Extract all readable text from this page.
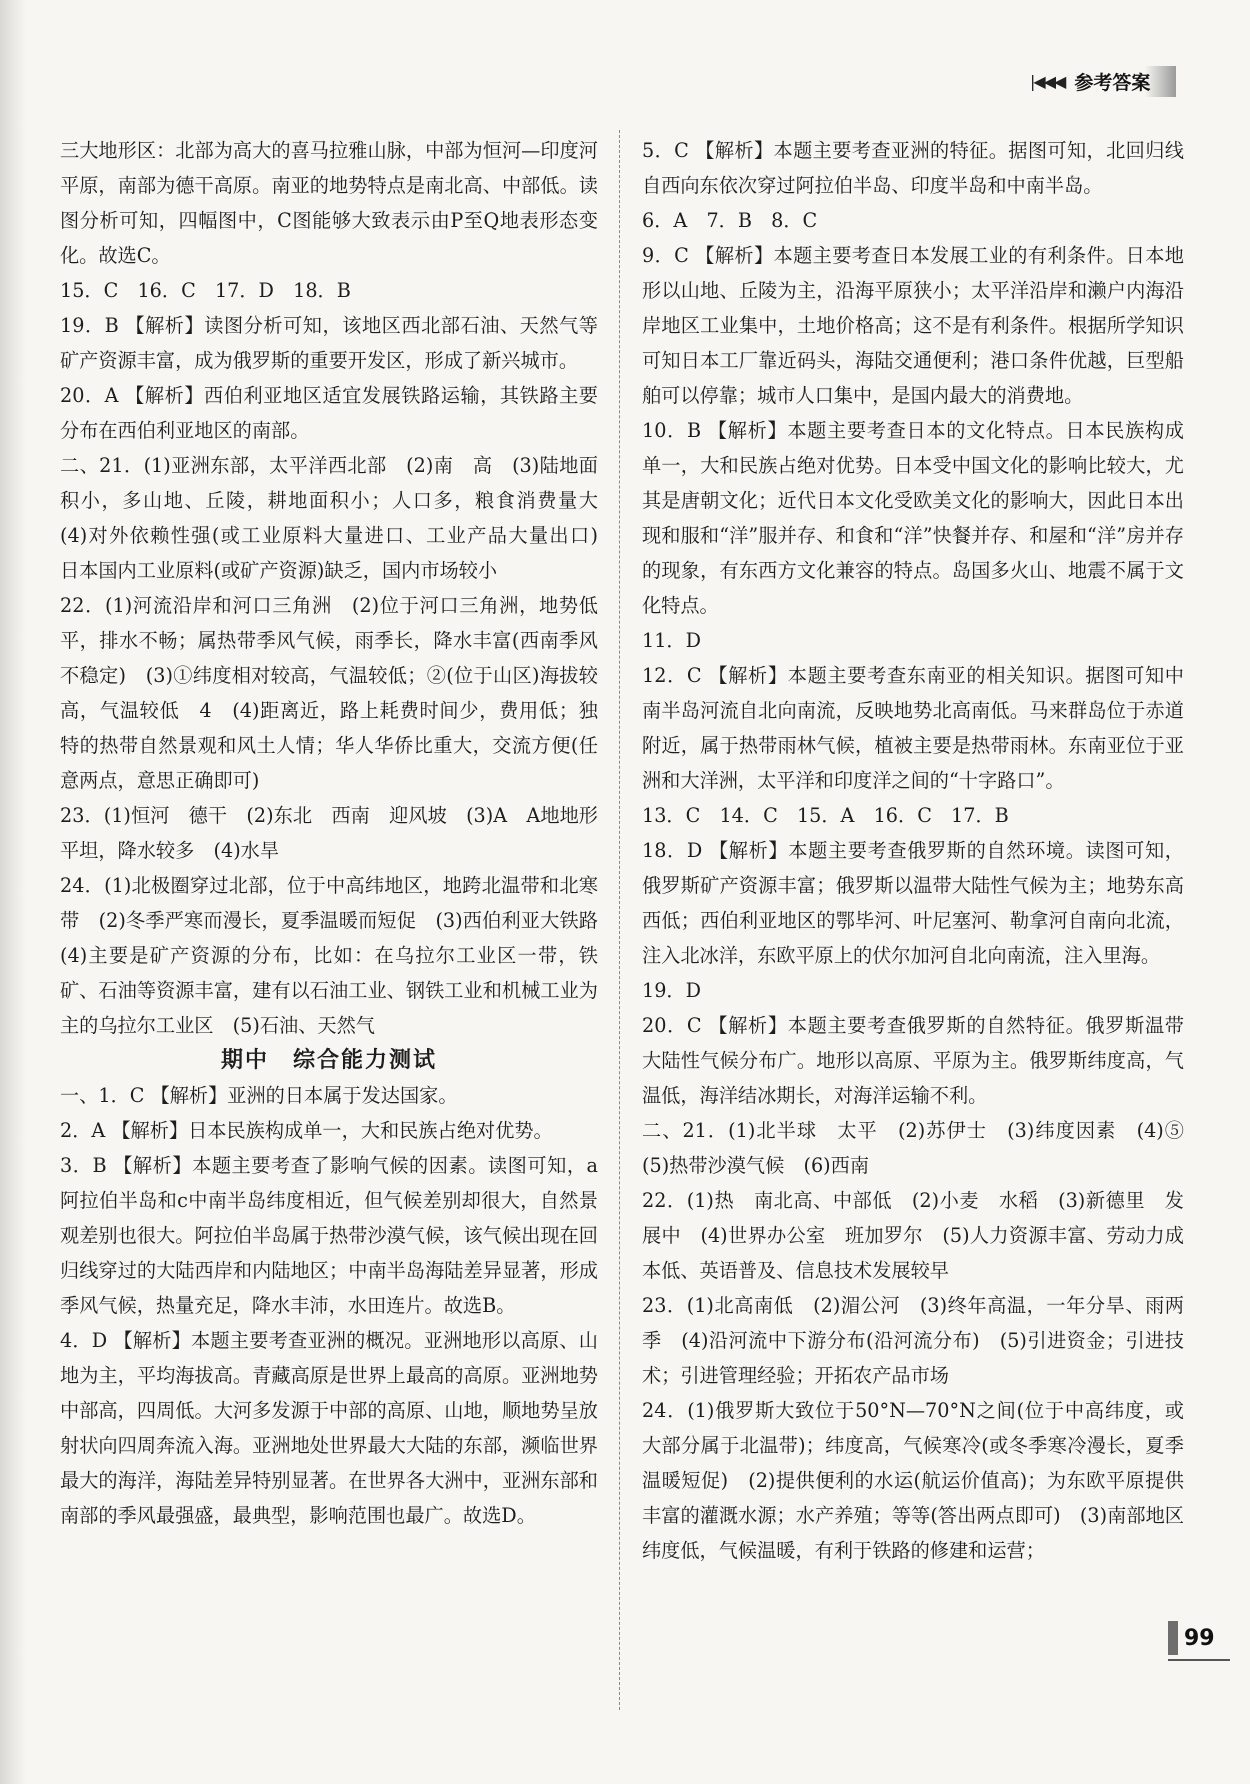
|◀◀◀ 参考答案

三大地形区：北部为高大的喜马拉雅山脉，中部为恒河—印度河平原，南部为德干高原。南亚的地势特点是南北高、中部低。读图分析可知，四幅图中，C图能够大致表示由P至Q地表形态变化。故选C。

15．C　16．C　17．D　18．B

19．B 【解析】读图分析可知，该地区西北部石油、天然气等矿产资源丰富，成为俄罗斯的重要开发区，形成了新兴城市。

20．A 【解析】西伯利亚地区适宜发展铁路运输，其铁路主要分布在西伯利亚地区的南部。

二、21．(1)亚洲东部，太平洋西北部　(2)南　高　(3)陆地面积小，多山地、丘陵，耕地面积小；人口多，粮食消费量大　(4)对外依赖性强(或工业原料大量进口、工业产品大量出口)　日本国内工业原料(或矿产资源)缺乏，国内市场较小

22．(1)河流沿岸和河口三角洲　(2)位于河口三角洲，地势低平，排水不畅；属热带季风气候，雨季长，降水丰富(西南季风不稳定)　(3)①纬度相对较高，气温较低；②(位于山区)海拔较高，气温较低　4　(4)距离近，路上耗费时间少，费用低；独特的热带自然景观和风土人情；华人华侨比重大，交流方便(任意两点，意思正确即可)

23．(1)恒河　德干　(2)东北　西南　迎风坡　(3)A　A地地形平坦，降水较多　(4)水旱

24．(1)北极圈穿过北部，位于中高纬地区，地跨北温带和北寒带　(2)冬季严寒而漫长，夏季温暖而短促　(3)西伯利亚大铁路　(4)主要是矿产资源的分布，比如：在乌拉尔工业区一带，铁矿、石油等资源丰富，建有以石油工业、钢铁工业和机械工业为主的乌拉尔工业区　(5)石油、天然气

期中　综合能力测试

一、1．C 【解析】亚洲的日本属于发达国家。

2．A 【解析】日本民族构成单一，大和民族占绝对优势。

3．B 【解析】本题主要考查了影响气候的因素。读图可知，a阿拉伯半岛和c中南半岛纬度相近，但气候差别却很大，自然景观差别也很大。阿拉伯半岛属于热带沙漠气候，该气候出现在回归线穿过的大陆西岸和内陆地区；中南半岛海陆差异显著，形成季风气候，热量充足，降水丰沛，水田连片。故选B。

4．D 【解析】本题主要考查亚洲的概况。亚洲地形以高原、山地为主，平均海拔高。青藏高原是世界上最高的高原。亚洲地势中部高，四周低。大河多发源于中部的高原、山地，顺地势呈放射状向四周奔流入海。亚洲地处世界最大大陆的东部，濒临世界最大的海洋，海陆差异特别显著。在世界各大洲中，亚洲东部和南部的季风最强盛，最典型，影响范围也最广。故选D。

5．C 【解析】本题主要考查亚洲的特征。据图可知，北回归线自西向东依次穿过阿拉伯半岛、印度半岛和中南半岛。

6．A　7．B　8．C

9．C 【解析】本题主要考查日本发展工业的有利条件。日本地形以山地、丘陵为主，沿海平原狭小；太平洋沿岸和濑户内海沿岸地区工业集中，土地价格高；这不是有利条件。根据所学知识可知日本工厂靠近码头，海陆交通便利；港口条件优越，巨型船舶可以停靠；城市人口集中，是国内最大的消费地。

10．B 【解析】本题主要考查日本的文化特点。日本民族构成单一，大和民族占绝对优势。日本受中国文化的影响比较大，尤其是唐朝文化；近代日本文化受欧美文化的影响大，因此日本出现和服和“洋”服并存、和食和“洋”快餐并存、和屋和“洋”房并存的现象，有东西方文化兼容的特点。岛国多火山、地震不属于文化特点。

11．D

12．C 【解析】本题主要考查东南亚的相关知识。据图可知中南半岛河流自北向南流，反映地势北高南低。马来群岛位于赤道附近，属于热带雨林气候，植被主要是热带雨林。东南亚位于亚洲和大洋洲，太平洋和印度洋之间的“十字路口”。

13．C　14．C　15．A　16．C　17．B

18．D 【解析】本题主要考查俄罗斯的自然环境。读图可知，俄罗斯矿产资源丰富；俄罗斯以温带大陆性气候为主；地势东高西低；西伯利亚地区的鄂毕河、叶尼塞河、勒拿河自南向北流，注入北冰洋，东欧平原上的伏尔加河自北向南流，注入里海。

19．D

20．C 【解析】本题主要考查俄罗斯的自然特征。俄罗斯温带大陆性气候分布广。地形以高原、平原为主。俄罗斯纬度高，气温低，海洋结冰期长，对海洋运输不利。

二、21．(1)北半球　太平　(2)苏伊士　(3)纬度因素　(4)⑤　(5)热带沙漠气候　(6)西南

22．(1)热　南北高、中部低　(2)小麦　水稻　(3)新德里　发展中　(4)世界办公室　班加罗尔　(5)人力资源丰富、劳动力成本低、英语普及、信息技术发展较早

23．(1)北高南低　(2)湄公河　(3)终年高温，一年分旱、雨两季　(4)沿河流中下游分布(沿河流分布)　(5)引进资金；引进技术；引进管理经验；开拓农产品市场

24．(1)俄罗斯大致位于50°N—70°N之间(位于中高纬度，或大部分属于北温带)；纬度高，气候寒冷(或冬季寒冷漫长，夏季温暖短促)　(2)提供便利的水运(航运价值高)；为东欧平原提供丰富的灌溉水源；水产养殖；等等(答出两点即可)　(3)南部地区纬度低，气候温暖，有利于铁路的修建和运营；

99
